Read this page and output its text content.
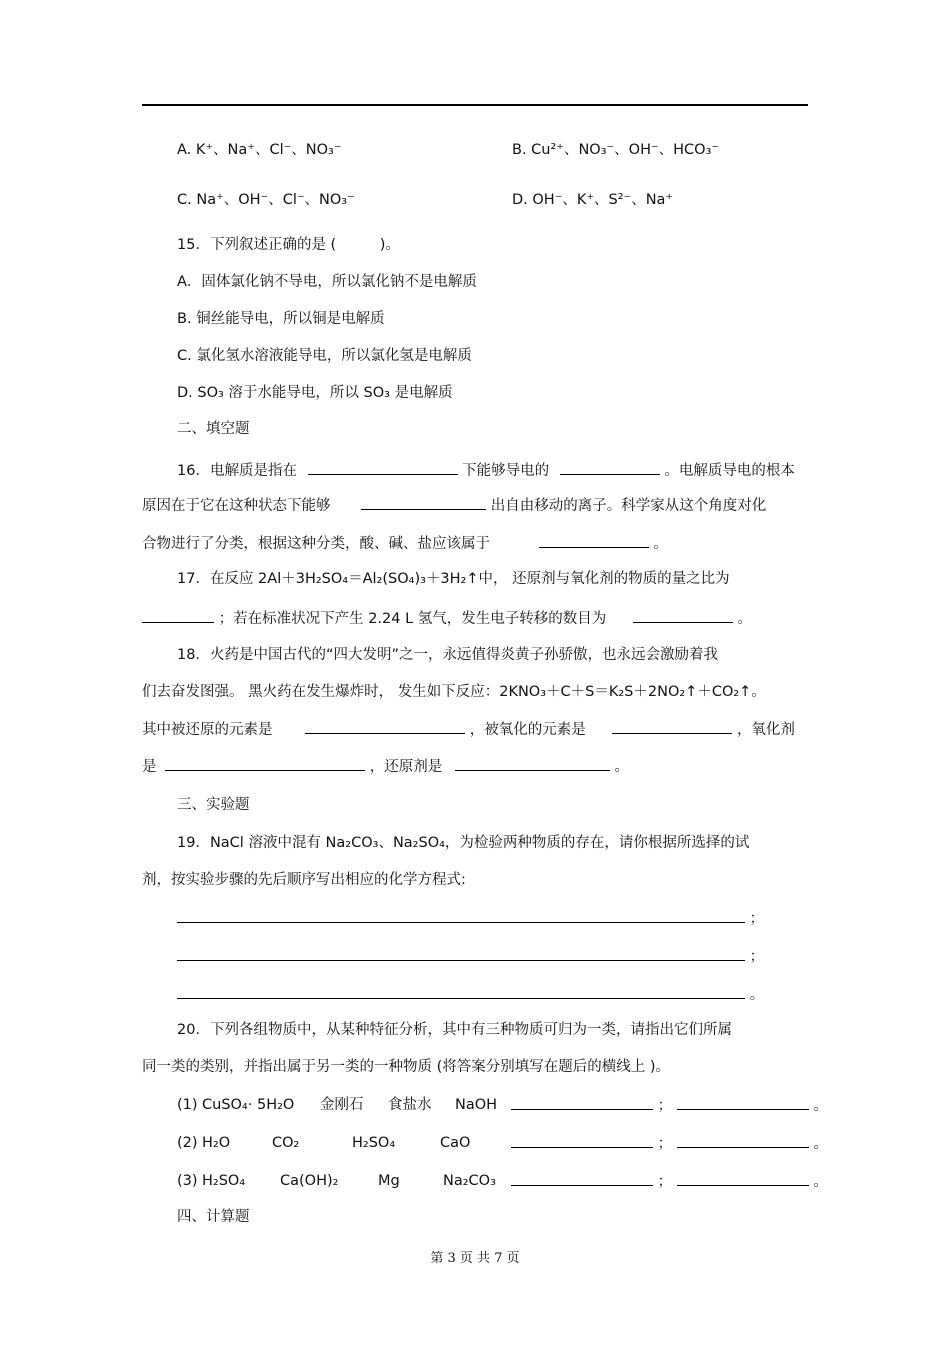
A. K⁺、Na⁺、Cl⁻、NO₃⁻	B. Cu²⁺、NO₃⁻、OH⁻、HCO₃⁻
C. Na⁺、OH⁻、Cl⁻、NO₃⁻	D. OH⁻、K⁺、S²⁻、Na⁺
15．下列叙述正确的是 (　　　)。
A．固体氯化钠不导电，所以氯化钠不是电解质
B. 铜丝能导电，所以铜是电解质
C. 氯化氢水溶液能导电，所以氯化氢是电解质
D. SO₃ 溶于水能导电，所以 SO₃ 是电解质
二、填空题
16．电解质是指在	下能够导电的	。电解质导电的根本
原因在于它在这种状态下能够	出自由移动的离子。科学家从这个角度对化
合物进行了分类，根据这种分类，酸、碱、盐应该属于	。
17．在反应 2Al＋3H₂SO₄＝Al₂(SO₄)₃＋3H₂↑中， 还原剂与氧化剂的物质的量之比为
；若在标准状况下产生 2.24 L 氢气，发生电子转移的数目为	。
18．火药是中国古代的“四大发明”之一，永远值得炎黄子孙骄傲，也永远会激励着我
们去奋发图强。 黑火药在发生爆炸时， 发生如下反应：2KNO₃＋C＋S＝K₂S＋2NO₂↑＋CO₂↑。
其中被还原的元素是	，被氧化的元素是	，氧化剂
是	，还原剂是	。
三、实验题
19．NaCl 溶液中混有 Na₂CO₃、Na₂SO₄，为检验两种物质的存在，请你根据所选择的试
剂，按实验步骤的先后顺序写出相应的化学方程式:
；
；
。
20．下列各组物质中，从某种特征分析，其中有三种物质可归为一类，请指出它们所属
同一类的类别，并指出属于另一类的一种物质 (将答案分别填写在题后的横线上 )。
(1) CuSO₄· 5H₂O 金刚石 食盐水 NaOH	；	。
(2) H₂O	CO₂	H₂SO₄	CaO	；	。
(3) H₂SO₄ Ca(OH)₂	Mg	Na₂CO₃	；	。
四、计算题
第 3 页 共 7 页
